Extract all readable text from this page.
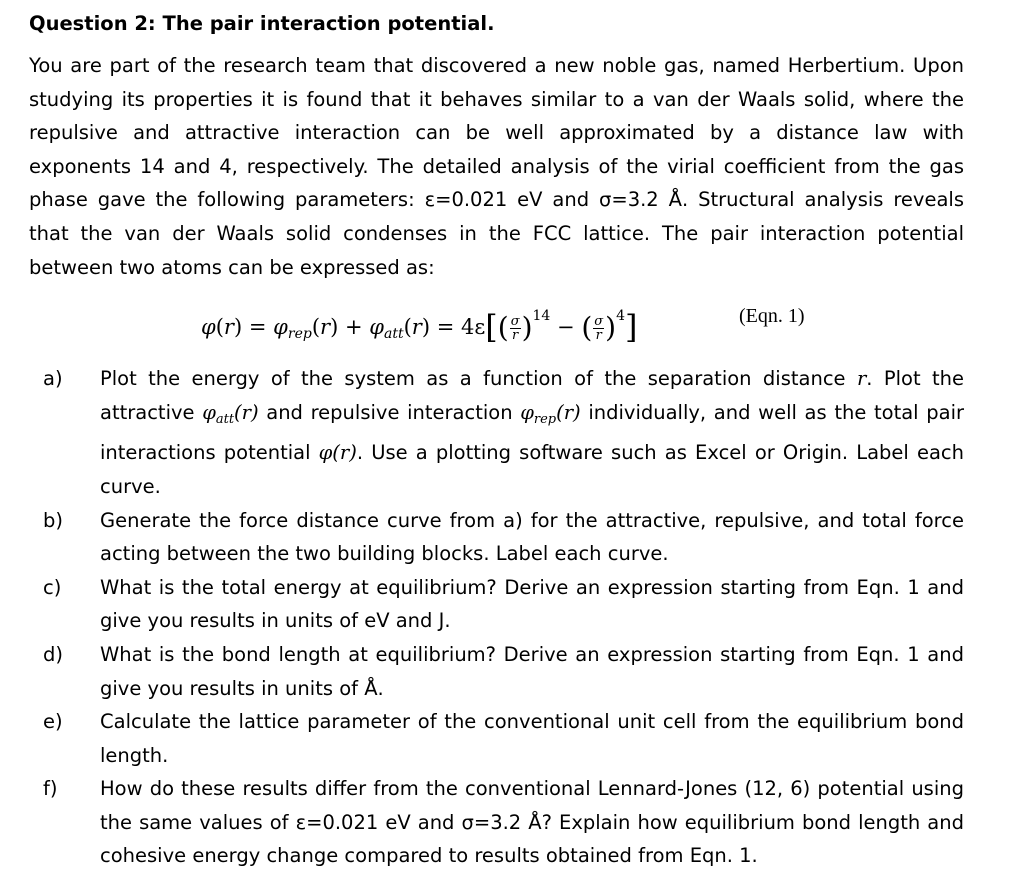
Question 2: The pair interaction potential.

You are part of the research team that discovered a new noble gas, named Herbertium. Upon studying its properties it is found that it behaves similar to a van der Waals solid, where the repulsive and attractive interaction can be well approximated by a distance law with exponents 14 and 4, respectively. The detailed analysis of the virial coefficient from the gas phase gave the following parameters: ε=0.021 eV and σ=3.2 Å. Structural analysis reveals that the van der Waals solid condenses in the FCC lattice. The pair interaction potential between two atoms can be expressed as:

$\varphi(r) = \varphi_{rep}(r) + \varphi_{att}(r) = 4\varepsilon[( \frac{\sigma}{r} )^{14}$ − ( $\frac{\sigma}{r} )^4$]	(Eqn. 1)
a) Plot the energy of the system as a function of the separation distance r. Plot the attractive $\varphi_{att}(r)$ and repulsive interaction $\varphi_{rep}(r)$ individually, and well as the total pair interactions potential φ(r). Use a plotting software such as Excel or Origin. Label each curve.
b) Generate the force distance curve from a) for the attractive, repulsive, and total force acting between the two building blocks. Label each curve.
c) What is the total energy at equilibrium? Derive an expression starting from Eqn. 1 and give you results in units of eV and J.
d) What is the bond length at equilibrium? Derive an expression starting from Eqn. 1 and give you results in units of Å.
e) Calculate the lattice parameter of the conventional unit cell from the equilibrium bond length.
f) How do these results differ from the conventional Lennard-Jones (12, 6) potential using the same values of ε=0.021 eV and σ=3.2 Å? Explain how equilibrium bond length and cohesive energy change compared to results obtained from Eqn. 1.
